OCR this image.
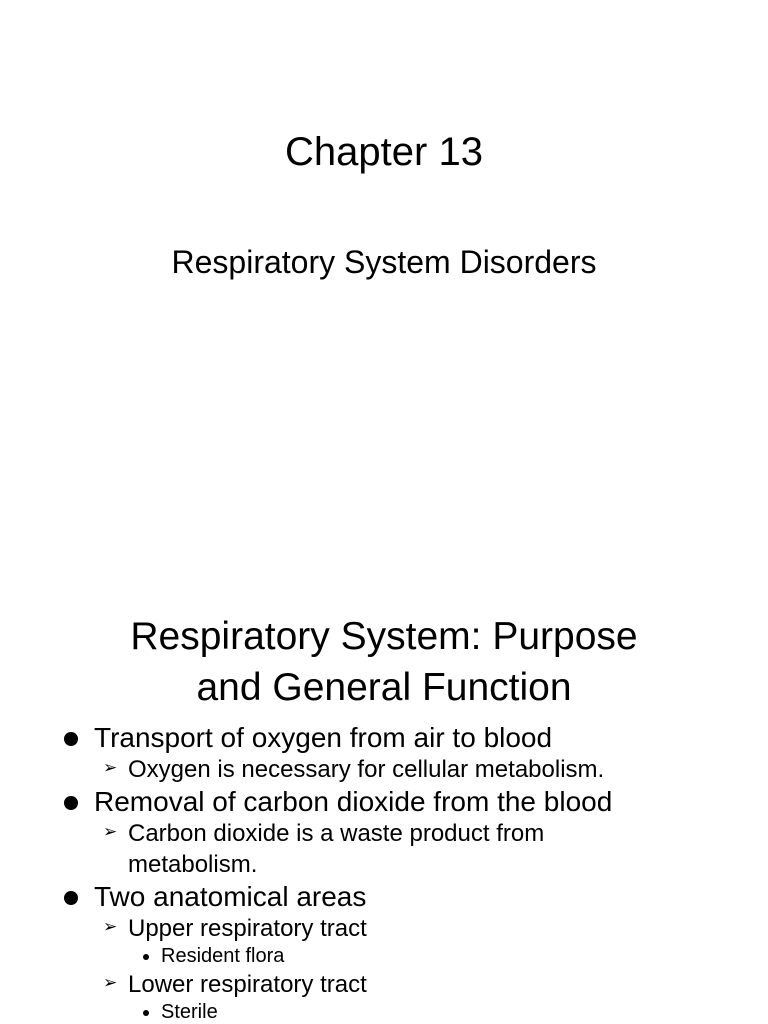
Chapter 13
Respiratory System Disorders
Respiratory System: Purpose
and General Function
Transport of oxygen from air to blood
➢ Oxygen is necessary for cellular metabolism.
Removal of carbon dioxide from the blood
➢ Carbon dioxide is a waste product from metabolism.
Two anatomical areas
➢ Upper respiratory tract
Resident flora
➢ Lower respiratory tract
Sterile
